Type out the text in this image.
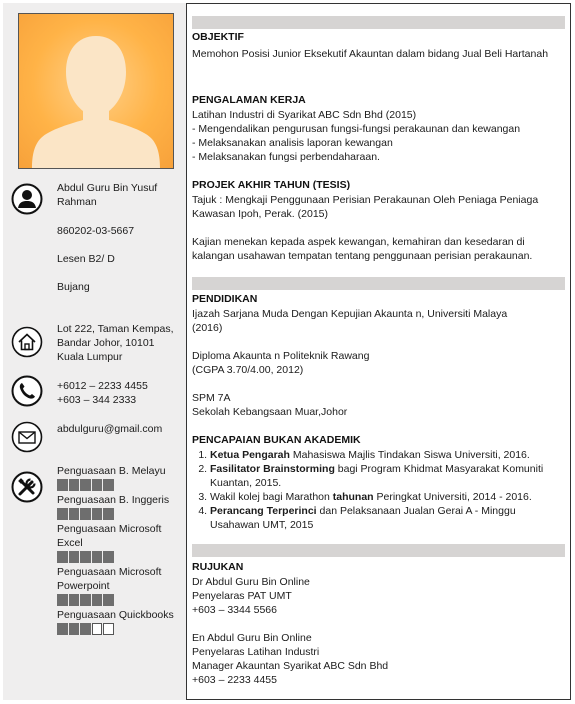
Abdul Guru Bin Yusuf Rahman
860202-03-5667
Lesen B2/ D
Bujang
Lot 222, Taman Kempas, Bandar Johor, 10101 Kuala Lumpur
+6012 – 2233 4455
+603 – 344 2333
abdulguru@gmail.com
Penguasaan B. Melayu
Penguasaan B. Inggeris
Penguasaan Microsoft Excel
Penguasaan Microsoft Powerpoint
Penguasaan Quickbooks
OBJEKTIF
Memohon Posisi Junior Eksekutif Akauntan dalam bidang Jual Beli Hartanah
PENGALAMAN KERJA
Latihan Industri di Syarikat ABC Sdn Bhd (2015)
- Mengendalikan pengurusan fungsi-fungsi perakaunan dan kewangan
- Melaksanakan analisis laporan kewangan
- Melaksanakan fungsi perbendaharaan.
PROJEK AKHIR TAHUN (TESIS)
Tajuk : Mengkaji Penggunaan Perisian Perakaunan Oleh Peniaga Peniaga Kawasan Ipoh, Perak. (2015)
Kajian menekan kepada aspek kewangan, kemahiran dan kesedaran di kalangan usahawan tempatan tentang penggunaan perisian perakaunan.
PENDIDIKAN
Ijazah Sarjana Muda Dengan Kepujian Akaunta n, Universiti Malaya
(2016)
Diploma Akaunta n Politeknik Rawang
(CGPA 3.70/4.00, 2012)
SPM 7A
Sekolah Kebangsaan Muar,Johor
PENCAPAIAN BUKAN AKADEMIK
1. Ketua Pengarah Mahasiswa Majlis Tindakan Siswa Universiti, 2016.
2. Fasilitator Brainstorming bagi Program Khidmat Masyarakat Komuniti Kuantan, 2015.
3. Wakil kolej bagi Marathon tahunan Peringkat Universiti, 2014 - 2016.
4. Perancang Terperinci dan Pelaksanaan Jualan Gerai A - Minggu Usahawan UMT, 2015
RUJUKAN
Dr Abdul Guru Bin Online
Penyelaras PAT UMT
+603 – 3344 5566
En Abdul Guru Bin Online
Penyelaras Latihan Industri
Manager Akauntan Syarikat ABC Sdn Bhd
+603 – 2233 4455
